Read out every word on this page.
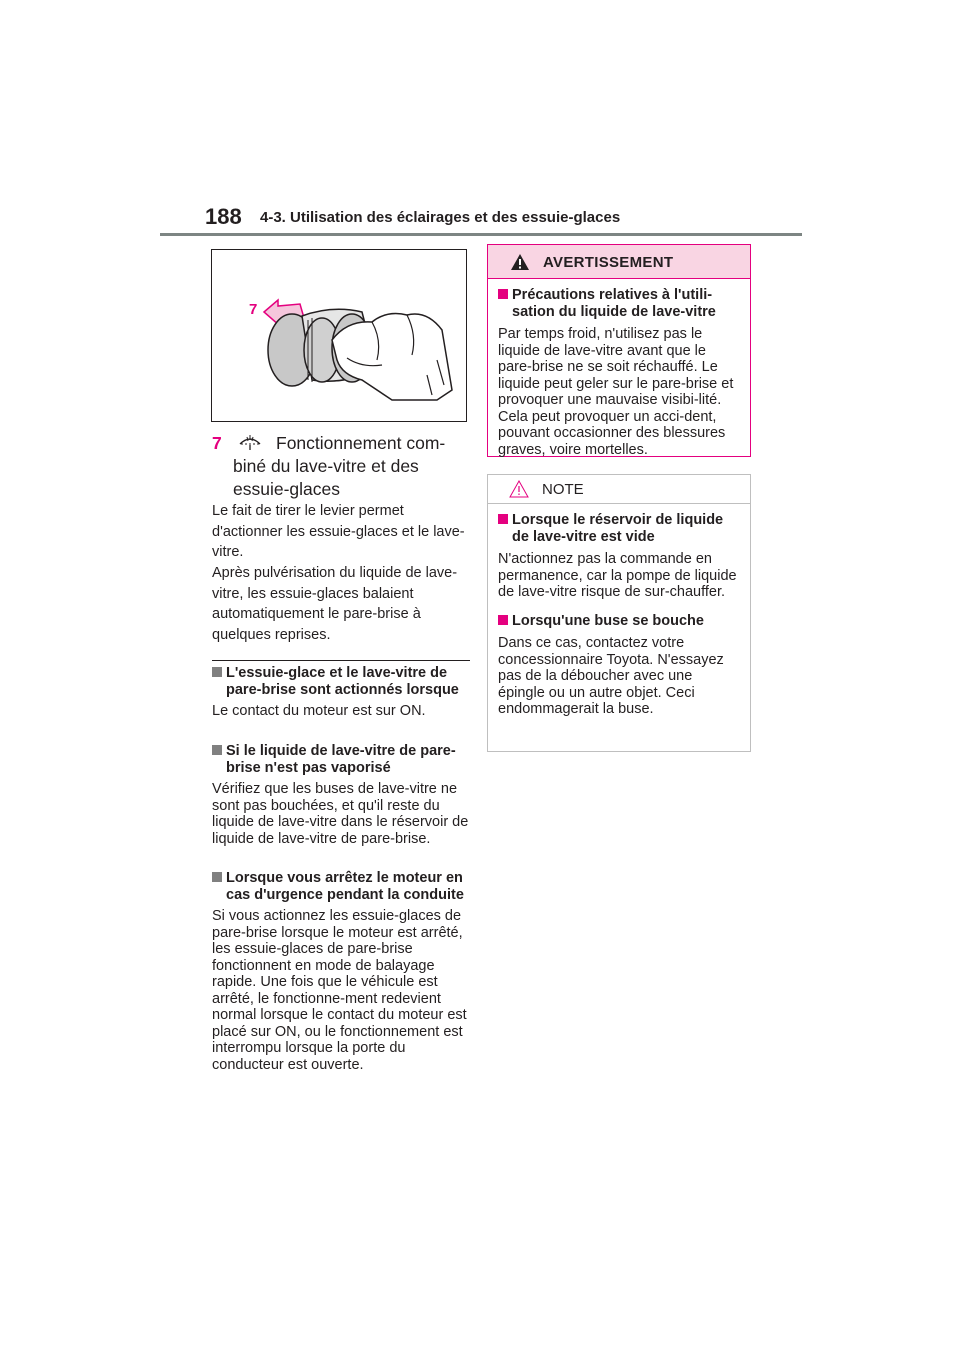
188 4-3. Utilisation des éclairages et des essuie-glaces
7
7	Fonctionnement com-
biné du lave-vitre et des
essuie-glaces
Le fait de tirer le levier permet d'actionner les essuie-glaces et le lave-vitre.
Après pulvérisation du liquide de lave-vitre, les essuie-glaces balaient automatiquement le pare-brise à quelques reprises.
L'essuie-glace et le lave-vitre de pare-brise sont actionnés lorsque
Le contact du moteur est sur ON.
Si le liquide de lave-vitre de pare-brise n'est pas vaporisé
Vérifiez que les buses de lave-vitre ne sont pas bouchées, et qu'il reste du liquide de lave-vitre dans le réservoir de liquide de lave-vitre de pare-brise.
Lorsque vous arrêtez le moteur en cas d'urgence pendant la conduite
Si vous actionnez les essuie-glaces de pare-brise lorsque le moteur est arrêté, les essuie-glaces de pare-brise fonctionnent en mode de balayage rapide. Une fois que le véhicule est arrêté, le fonctionne-ment redevient normal lorsque le contact du moteur est placé sur ON, ou le fonctionnement est interrompu lorsque la porte du conducteur est ouverte.
AVERTISSEMENT
Précautions relatives à l'utili-sation du liquide de lave-vitre
Par temps froid, n'utilisez pas le liquide de lave-vitre avant que le pare-brise ne se soit réchauffé. Le liquide peut geler sur le pare-brise et provoquer une mauvaise visibi-lité. Cela peut provoquer un acci-dent, pouvant occasionner des blessures graves, voire mortelles.
NOTE
Lorsque le réservoir de liquide de lave-vitre est vide
N'actionnez pas la commande en permanence, car la pompe de liquide de lave-vitre risque de sur-chauffer.
Lorsqu'une buse se bouche
Dans ce cas, contactez votre concessionnaire Toyota. N'essayez pas de la déboucher avec une épingle ou un autre objet. Ceci endommagerait la buse.
